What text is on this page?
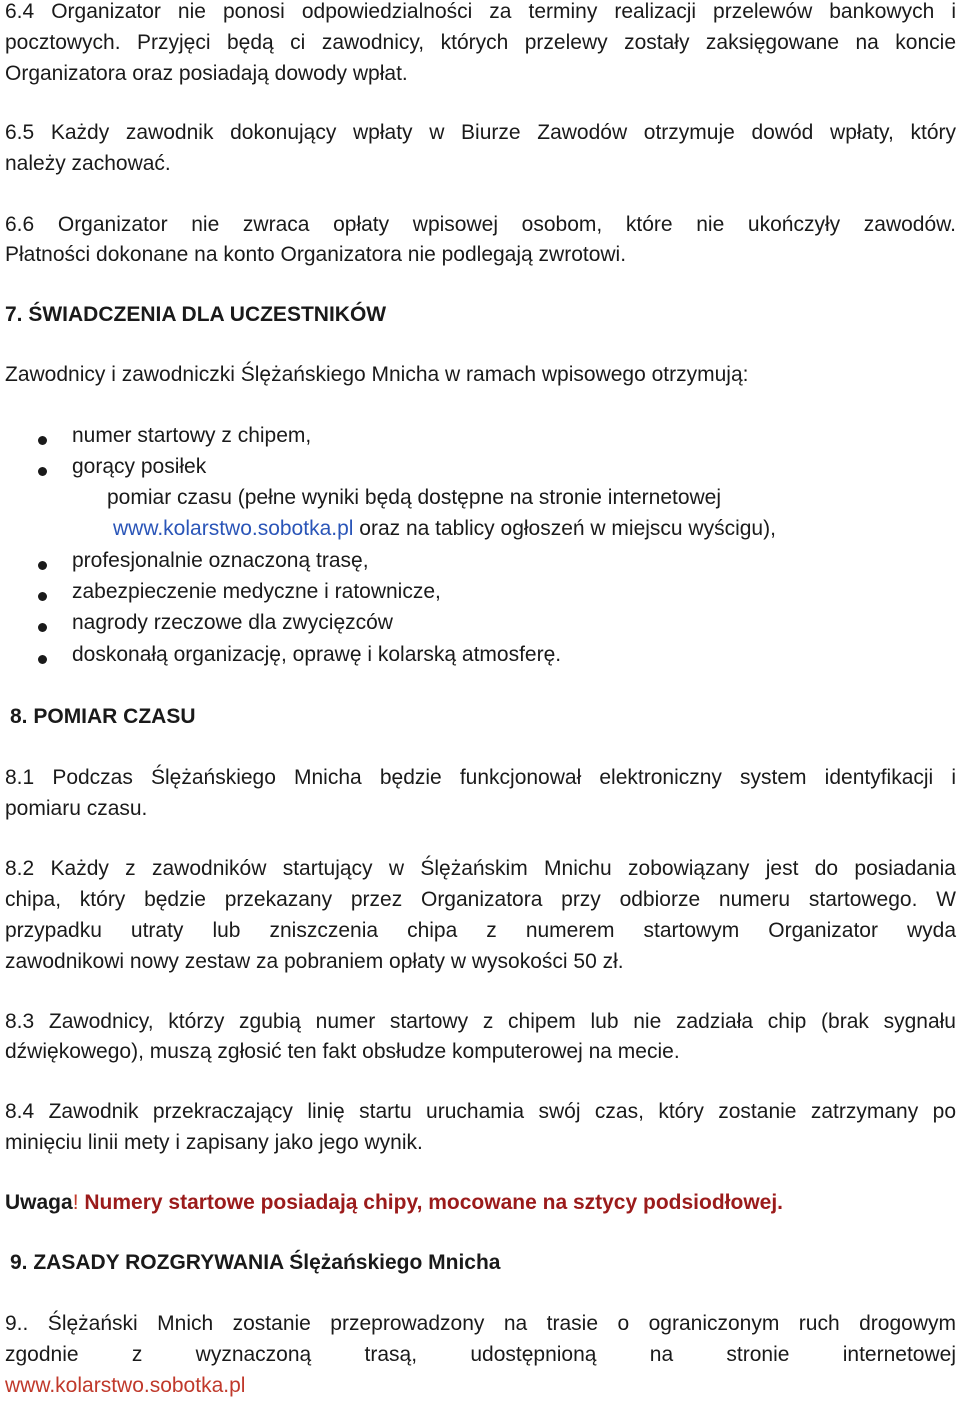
6.4 Organizator nie ponosi odpowiedzialności za terminy realizacji przelewów bankowych i
pocztowych. Przyjęci będą ci zawodnicy, których przelewy zostały zaksięgowane na koncie
Organizatora oraz posiadają dowody wpłat.
6.5 Każdy zawodnik dokonujący wpłaty w Biurze Zawodów otrzymuje dowód wpłaty, który
należy zachować.
6.6 Organizator nie zwraca opłaty wpisowej osobom, które nie ukończyły zawodów.
Płatności dokonane na konto Organizatora nie podlegają zwrotowi.
7. ŚWIADCZENIA DLA UCZESTNIKÓW
Zawodnicy i zawodniczki Ślężańskiego Mnicha w ramach wpisowego otrzymują:
numer startowy z chipem,
gorący posiłek
pomiar czasu (pełne wyniki będą dostępne na stronie internetowej
www.kolarstwo.sobotka.pl oraz na tablicy ogłoszeń w miejscu wyścigu),
profesjonalnie oznaczoną trasę,
zabezpieczenie medyczne i ratownicze,
nagrody rzeczowe dla zwycięzców
doskonałą organizację, oprawę i kolarską atmosferę.
8. POMIAR CZASU
8.1 Podczas Ślężańskiego Mnicha będzie funkcjonował elektroniczny system identyfikacji i
pomiaru czasu.
8.2 Każdy z zawodników startujący w Ślężańskim Mnichu zobowiązany jest do posiadania
chipa, który będzie przekazany przez Organizatora przy odbiorze numeru startowego. W
przypadku utraty lub zniszczenia chipa z numerem startowym Organizator wyda
zawodnikowi nowy zestaw za pobraniem opłaty w wysokości 50 zł.
8.3 Zawodnicy, którzy zgubią numer startowy z chipem lub nie zadziała chip (brak sygnału
dźwiękowego), muszą zgłosić ten fakt obsłudze komputerowej na mecie.
8.4 Zawodnik przekraczający linię startu uruchamia swój czas, który zostanie zatrzymany po
minięciu linii mety i zapisany jako jego wynik.
Uwaga! Numery startowe posiadają chipy, mocowane na sztycy podsiodłowej.
9. ZASADY ROZGRYWANIA Ślężańskiego Mnicha
9.. Ślężański Mnich zostanie przeprowadzony na trasie o ograniczonym ruch drogowym
zgodnie z wyznaczoną trasą, udostępnioną na stronie internetowej
www.kolarstwo.sobotka.pl
